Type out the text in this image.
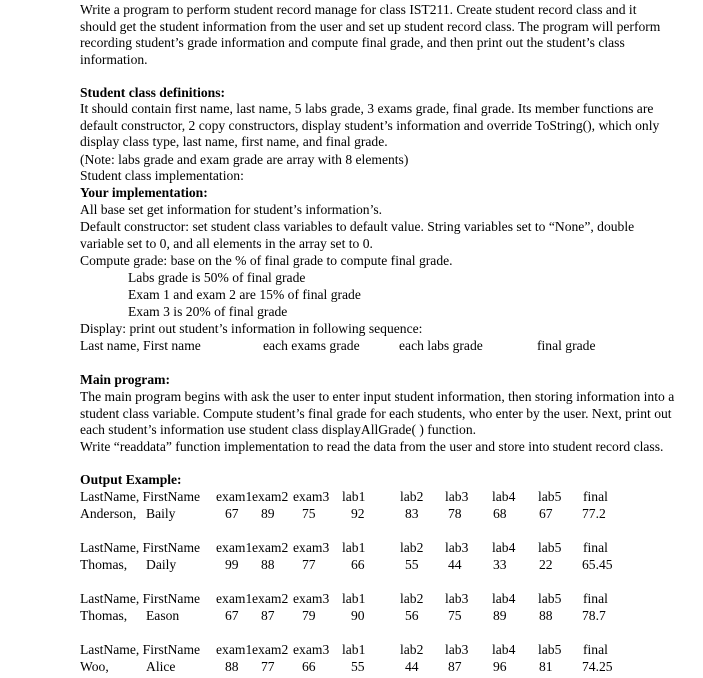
Write a program to perform student record manage for class IST211. Create student record class and it should get the student information from the user and set up student record class. The program will perform recording student’s grade information and compute final grade, and then print out the student’s class information.
Student class definitions:
It should contain first name, last name, 5 labs grade, 3 exams grade, final grade. Its member functions are default constructor, 2 copy constructors, display student’s information and override ToString(), which only display class type, last name, first name, and final grade.
(Note: labs grade and exam grade are array with 8 elements)
Student class implementation:
Your implementation:
All base set get information for student’s information’s.
Default constructor: set student class variables to default value. String variables set to “None”, double variable set to 0, and all elements in the array set to 0.
Compute grade: base on the % of final grade to compute final grade.
Labs grade is 50% of final grade
Exam 1 and exam 2 are 15% of final grade
Exam 3 is 20% of final grade
Display: print out student’s information in following sequence:
Last name, First name	each exams grade	each labs grade	final grade
Main program:
The main program begins with ask the user to enter input student information, then storing information into a student class variable. Compute student’s final grade for each students, who enter by the user. Next, print out each student’s information use student class displayAllGrade( ) function.
Write “readdata” function implementation to read the data from the user and store into student record class.
Output Example:
LastName, FirstName exam1 exam2 exam3 lab1	lab2 lab3 lab4 lab5 final
Anderson, Baily	67 89 75	92	83 78 68 67 77.2
LastName, FirstName exam1 exam2 exam3 lab1	lab2 lab3 lab4 lab5 final
Thomas, Daily	99 88 77	66	55 44 33 22 65.45
LastName, FirstName exam1 exam2 exam3 lab1	lab2 lab3 lab4 lab5 final
Thomas, Eason	67 87 79	90	56 75 89 88 78.7
LastName, FirstName exam1 exam2 exam3 lab1	lab2 lab3 lab4 lab5 final
Woo,	Alice	88 77 66	55	44 87 96 81 74.25
